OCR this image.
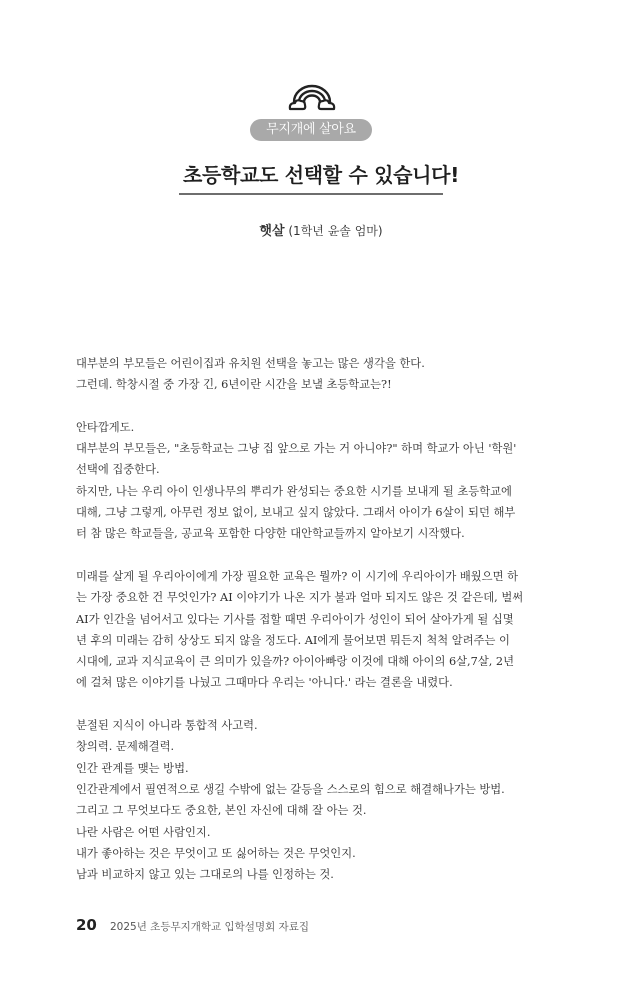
무지개에 살아요
초등학교도 선택할 수 있습니다!
햇살 (1학년 윤솔 엄마)
대부분의 부모들은 어린이집과 유치원 선택을 놓고는 많은 생각을 한다.
그런데. 학창시절 중 가장 긴, 6년이란 시간을 보낼 초등학교는?!
안타깝게도.
대부분의 부모들은, "초등학교는 그냥 집 앞으로 가는 거 아니야?" 하며 학교가 아닌 '학원'
선택에 집중한다.
하지만, 나는 우리 아이 인생나무의 뿌리가 완성되는 중요한 시기를 보내게 될 초등학교에
대해, 그냥 그렇게, 아무런 정보 없이, 보내고 싶지 않았다. 그래서 아이가 6살이 되던 해부
터 참 많은 학교들을, 공교육 포함한 다양한 대안학교들까지 알아보기 시작했다.
미래를 살게 될 우리아이에게 가장 필요한 교육은 뭘까? 이 시기에 우리아이가 배웠으면 하
는 가장 중요한 건 무엇인가? AI 이야기가 나온 지가 불과 얼마 되지도 않은 것 같은데, 벌써
AI가 인간을 넘어서고 있다는 기사를 접할 때면 우리아이가 성인이 되어 살아가게 될 십몇
년 후의 미래는 감히 상상도 되지 않을 정도다. AI에게 물어보면 뭐든지 척척 알려주는 이
시대에, 교과 지식교육이 큰 의미가 있을까? 아이아빠랑 이것에 대해 아이의 6살,7살, 2년
에 걸쳐 많은 이야기를 나눴고 그때마다 우리는 '아니다.' 라는 결론을 내렸다.
분절된 지식이 아니라 통합적 사고력.
창의력. 문제해결력.
인간 관계를 맺는 방법.
인간관계에서 필연적으로 생길 수밖에 없는 갈등을 스스로의 힘으로 해결해나가는 방법.
그리고 그 무엇보다도 중요한, 본인 자신에 대해 잘 아는 것.
나란 사람은 어떤 사람인지.
내가 좋아하는 것은 무엇이고 또 싫어하는 것은 무엇인지.
남과 비교하지 않고 있는 그대로의 나를 인정하는 것.
20 2025년 초등무지개학교 입학설명회 자료집
